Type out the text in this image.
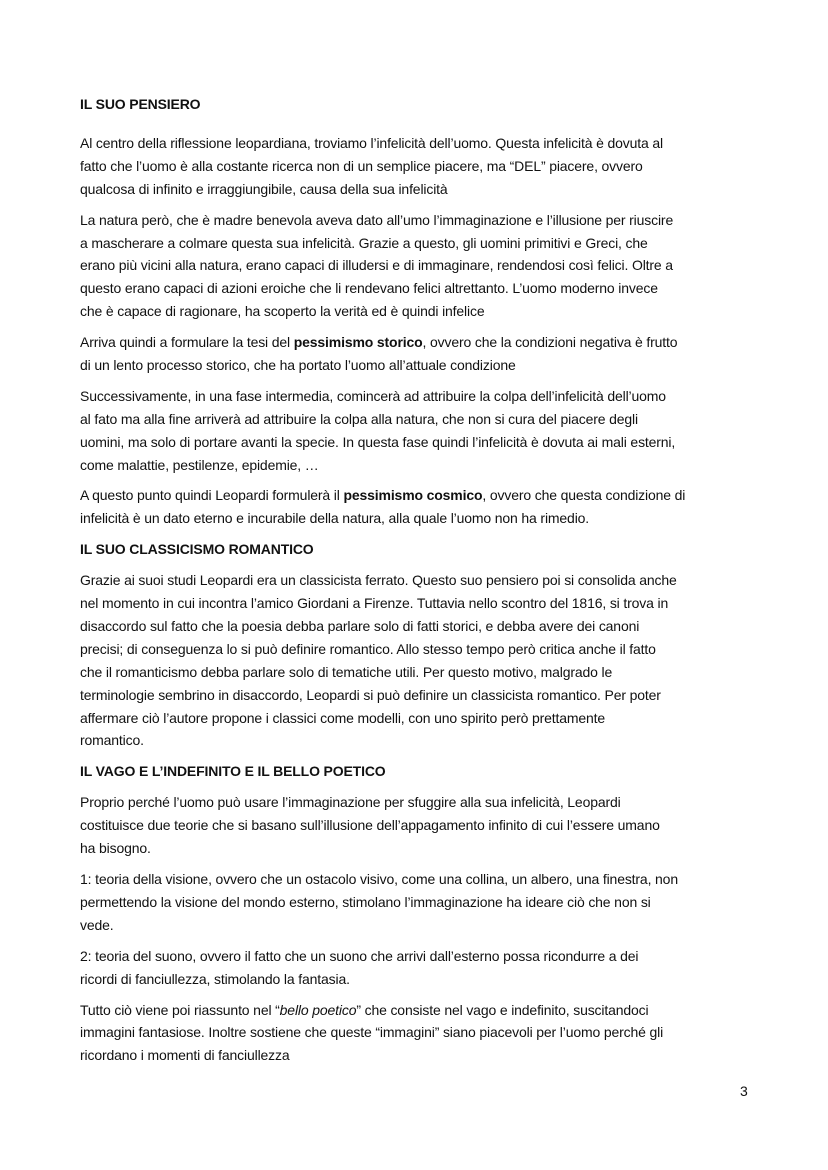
IL SUO PENSIERO
Al centro della riflessione leopardiana, troviamo l’infelicità dell’uomo. Questa infelicità è dovuta al
fatto che l’uomo è alla costante ricerca non di un semplice piacere, ma “DEL” piacere, ovvero
qualcosa di infinito e irraggiungibile, causa della sua infelicità
La natura però, che è madre benevola aveva dato all’umo l’immaginazione e l’illusione per riuscire
a mascherare a colmare questa sua infelicità. Grazie a questo, gli uomini primitivi e Greci, che
erano più vicini alla natura, erano capaci di illudersi e di immaginare, rendendosi così felici. Oltre a
questo erano capaci di azioni eroiche che li rendevano felici altrettanto. L’uomo moderno invece
che è capace di ragionare, ha scoperto la verità ed è quindi infelice
Arriva quindi a formulare la tesi del pessimismo storico, ovvero che la condizioni negativa è frutto
di un lento processo storico, che ha portato l’uomo all’attuale condizione
Successivamente, in una fase intermedia, comincerà ad attribuire la colpa dell’infelicità dell’uomo
al fato ma alla fine arriverà ad attribuire la colpa alla natura, che non si cura del piacere degli
uomini, ma solo di portare avanti la specie. In questa fase quindi l’infelicità è dovuta ai mali esterni,
come malattie, pestilenze, epidemie, …
A questo punto quindi Leopardi formulerà il pessimismo cosmico, ovvero che questa condizione di
infelicità è un dato eterno e incurabile della natura, alla quale l’uomo non ha rimedio.
IL SUO CLASSICISMO ROMANTICO
Grazie ai suoi studi Leopardi era un classicista ferrato. Questo suo pensiero poi si consolida anche
nel momento in cui incontra l’amico Giordani a Firenze. Tuttavia nello scontro del 1816, si trova in
disaccordo sul fatto che la poesia debba parlare solo di fatti storici, e debba avere dei canoni
precisi; di conseguenza lo si può definire romantico. Allo stesso tempo però critica anche il fatto
che il romanticismo debba parlare solo di tematiche utili. Per questo motivo, malgrado le
terminologie sembrino in disaccordo, Leopardi si può definire un classicista romantico. Per poter
affermare ciò l’autore propone i classici come modelli, con uno spirito però prettamente
romantico.
IL VAGO E L’INDEFINITO E IL BELLO POETICO
Proprio perché l’uomo può usare l’immaginazione per sfuggire alla sua infelicità, Leopardi
costituisce due teorie che si basano sull’illusione dell’appagamento infinito di cui l’essere umano
ha bisogno.
1: teoria della visione, ovvero che un ostacolo visivo, come una collina, un albero, una finestra, non
permettendo la visione del mondo esterno, stimolano l’immaginazione ha ideare ciò che non si
vede.
2: teoria del suono, ovvero il fatto che un suono che arrivi dall’esterno possa ricondurre a dei
ricordi di fanciullezza, stimolando la fantasia.
Tutto ciò viene poi riassunto nel “bello poetico” che consiste nel vago e indefinito, suscitandoci
immagini fantasiose. Inoltre sostiene che queste “immagini” siano piacevoli per l’uomo perché gli
ricordano i momenti di fanciullezza
3
